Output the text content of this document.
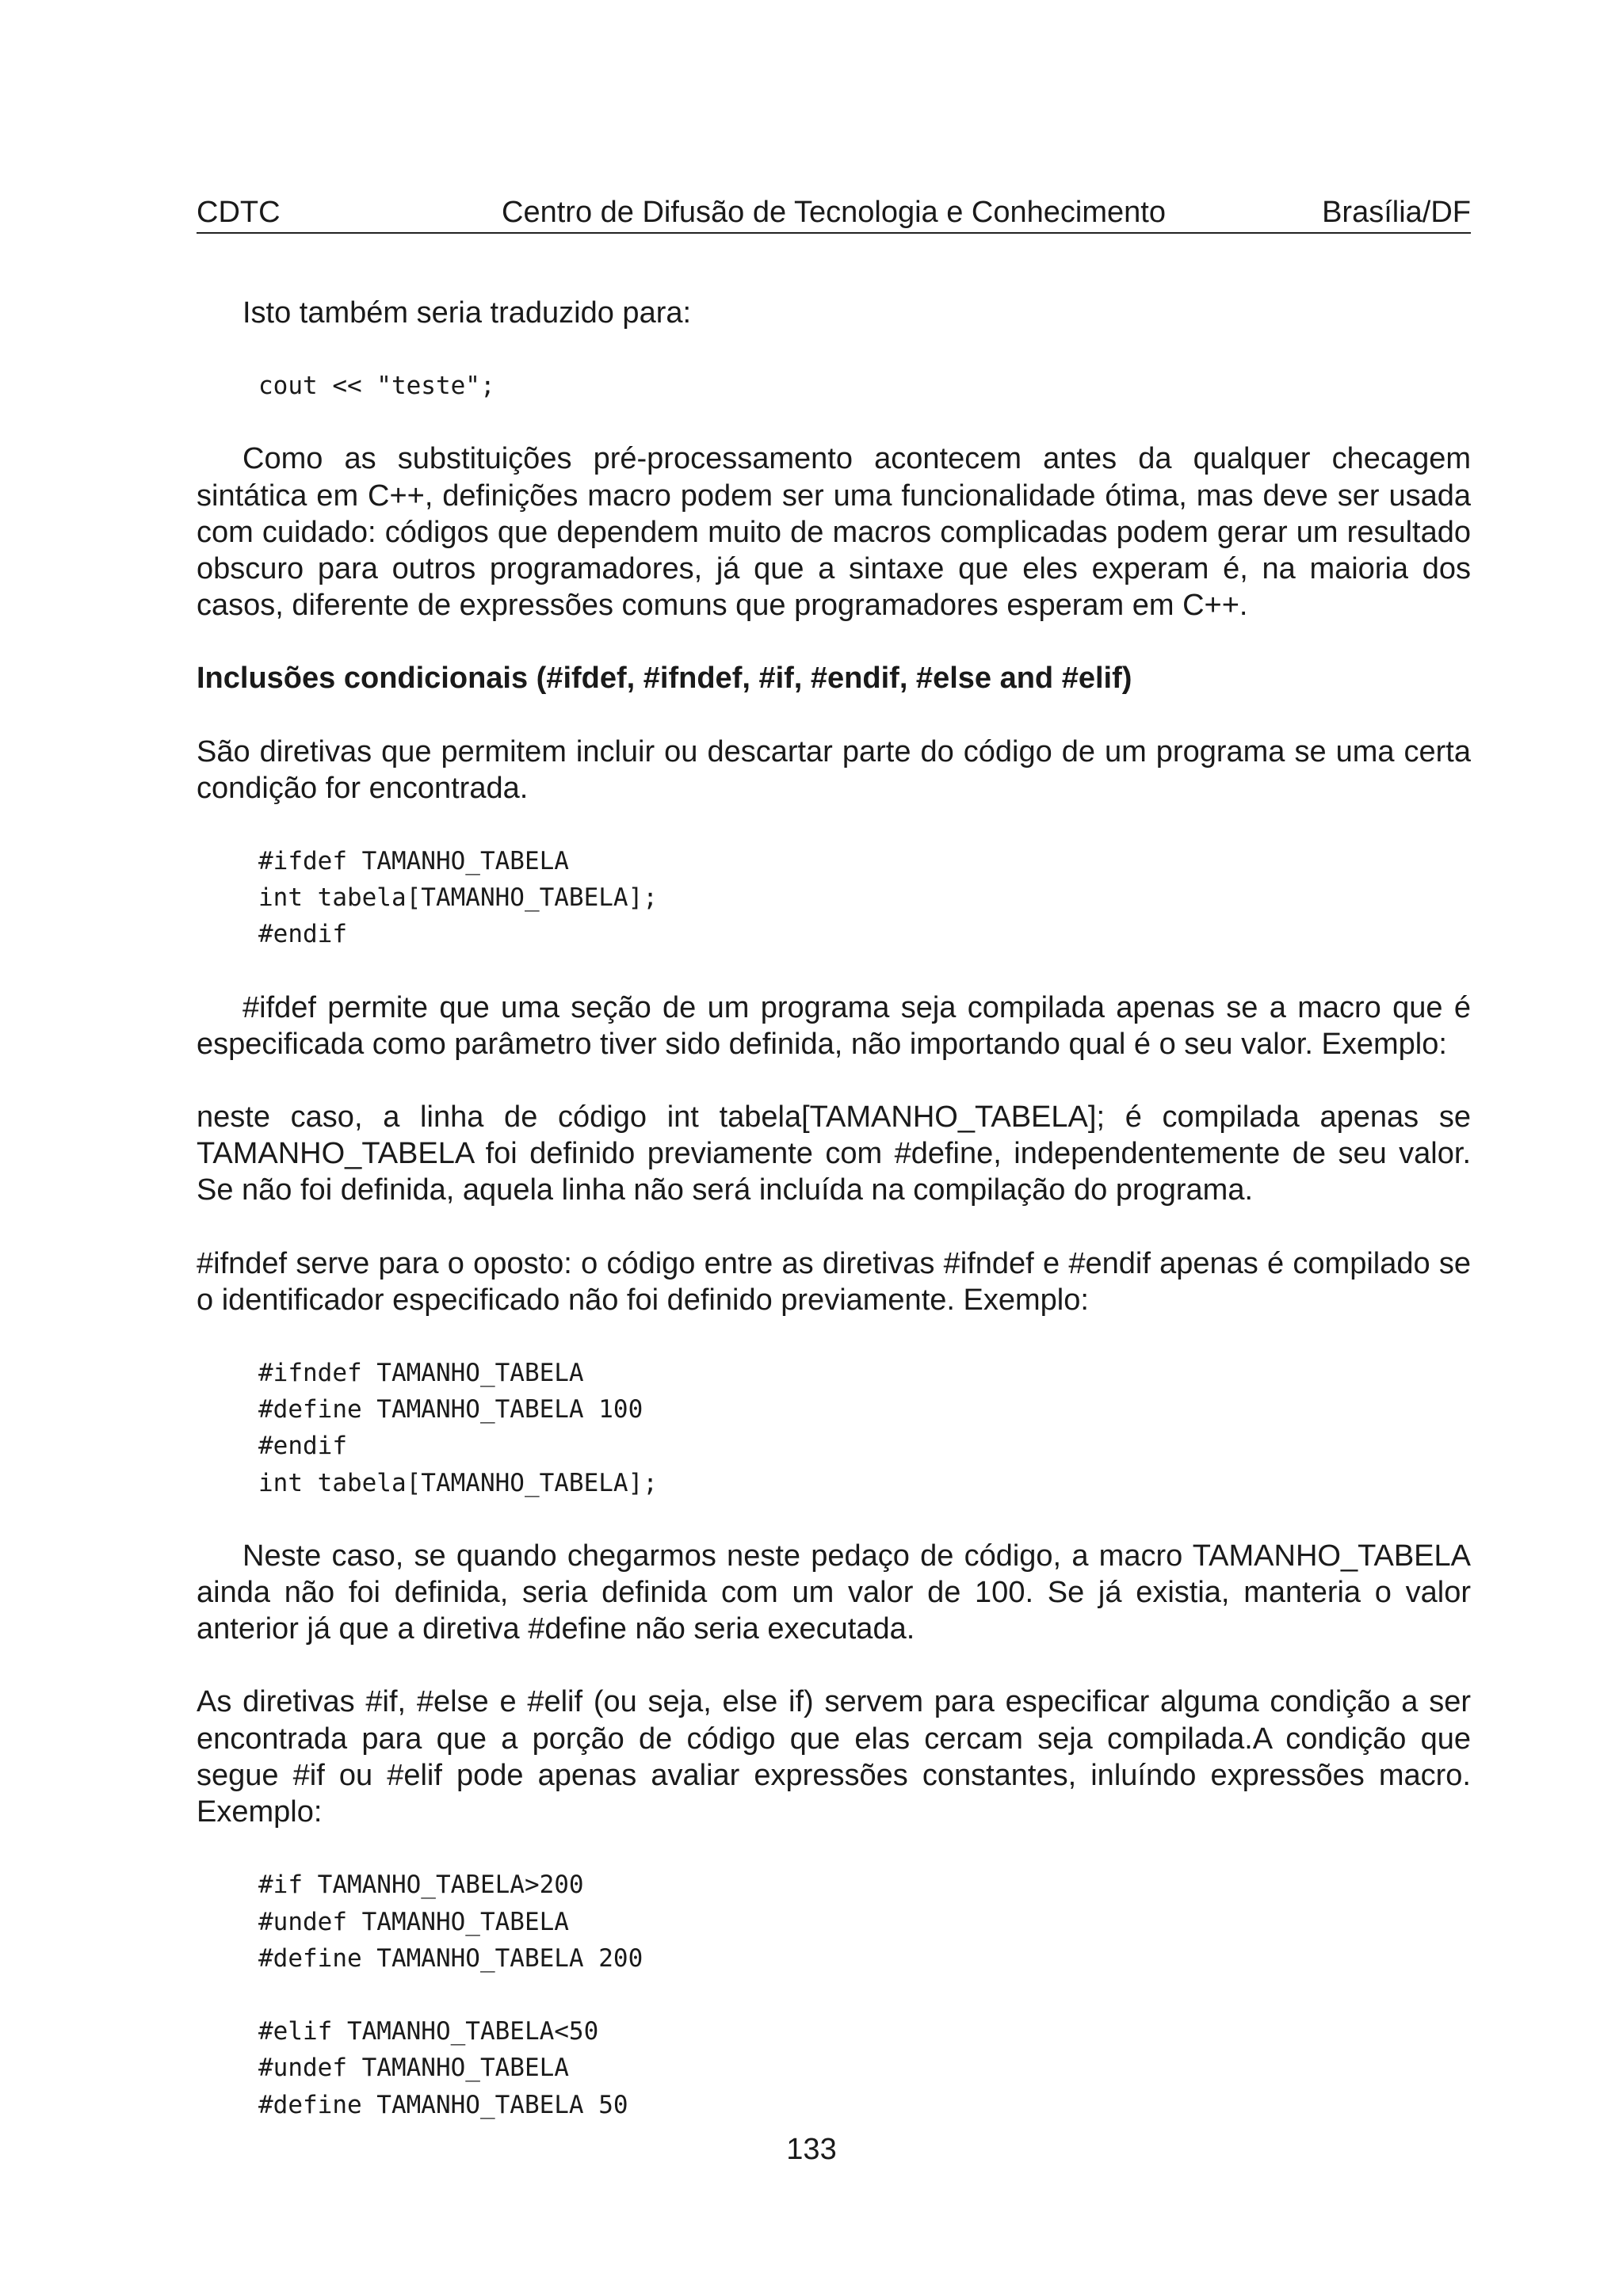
CDTC	Centro de Difusão de Tecnologia e Conhecimento	Brasília/DF

Isto também seria traduzido para:

cout << "teste";

Como as substituições pré-processamento acontecem antes da qualquer checagem sintática em C++, definições macro podem ser uma funcionalidade ótima, mas deve ser usada com cuidado: códigos que dependem muito de macros complicadas podem gerar um resultado obscuro para outros programadores, já que a sintaxe que eles experam é, na maioria dos casos, diferente de expressões comuns que programadores esperam em C++.

Inclusões condicionais (#ifdef, #ifndef, #if, #endif, #else and #elif)

São diretivas que permitem incluir ou descartar parte do código de um programa se uma certa condição for encontrada.

#ifdef TAMANHO_TABELA
int tabela[TAMANHO_TABELA];
#endif

#ifdef permite que uma seção de um programa seja compilada apenas se a macro que é especificada como parâmetro tiver sido definida, não importando qual é o seu valor. Exemplo:

neste caso, a linha de código int tabela[TAMANHO_TABELA]; é compilada apenas se TAMANHO_TABELA foi definido previamente com #define, independentemente de seu valor. Se não foi definida, aquela linha não será incluída na compilação do programa.

#ifndef serve para o oposto: o código entre as diretivas #ifndef e #endif apenas é compilado se o identificador especificado não foi definido previamente. Exemplo:

#ifndef TAMANHO_TABELA
#define TAMANHO_TABELA 100
#endif
int tabela[TAMANHO_TABELA];

Neste caso, se quando chegarmos neste pedaço de código, a macro TAMANHO_TABELA ainda não foi definida, seria definida com um valor de 100. Se já existia, manteria o valor anterior já que a diretiva #define não seria executada.

As diretivas #if, #else e #elif (ou seja, else if) servem para especificar alguma condição a ser encontrada para que a porção de código que elas cercam seja compilada.A condição que segue #if ou #elif pode apenas avaliar expressões constantes, inluíndo expressões macro. Exemplo:

#if TAMANHO_TABELA>200
#undef TAMANHO_TABELA
#define TAMANHO_TABELA 200

#elif TAMANHO_TABELA<50
#undef TAMANHO_TABELA
#define TAMANHO_TABELA 50
133
